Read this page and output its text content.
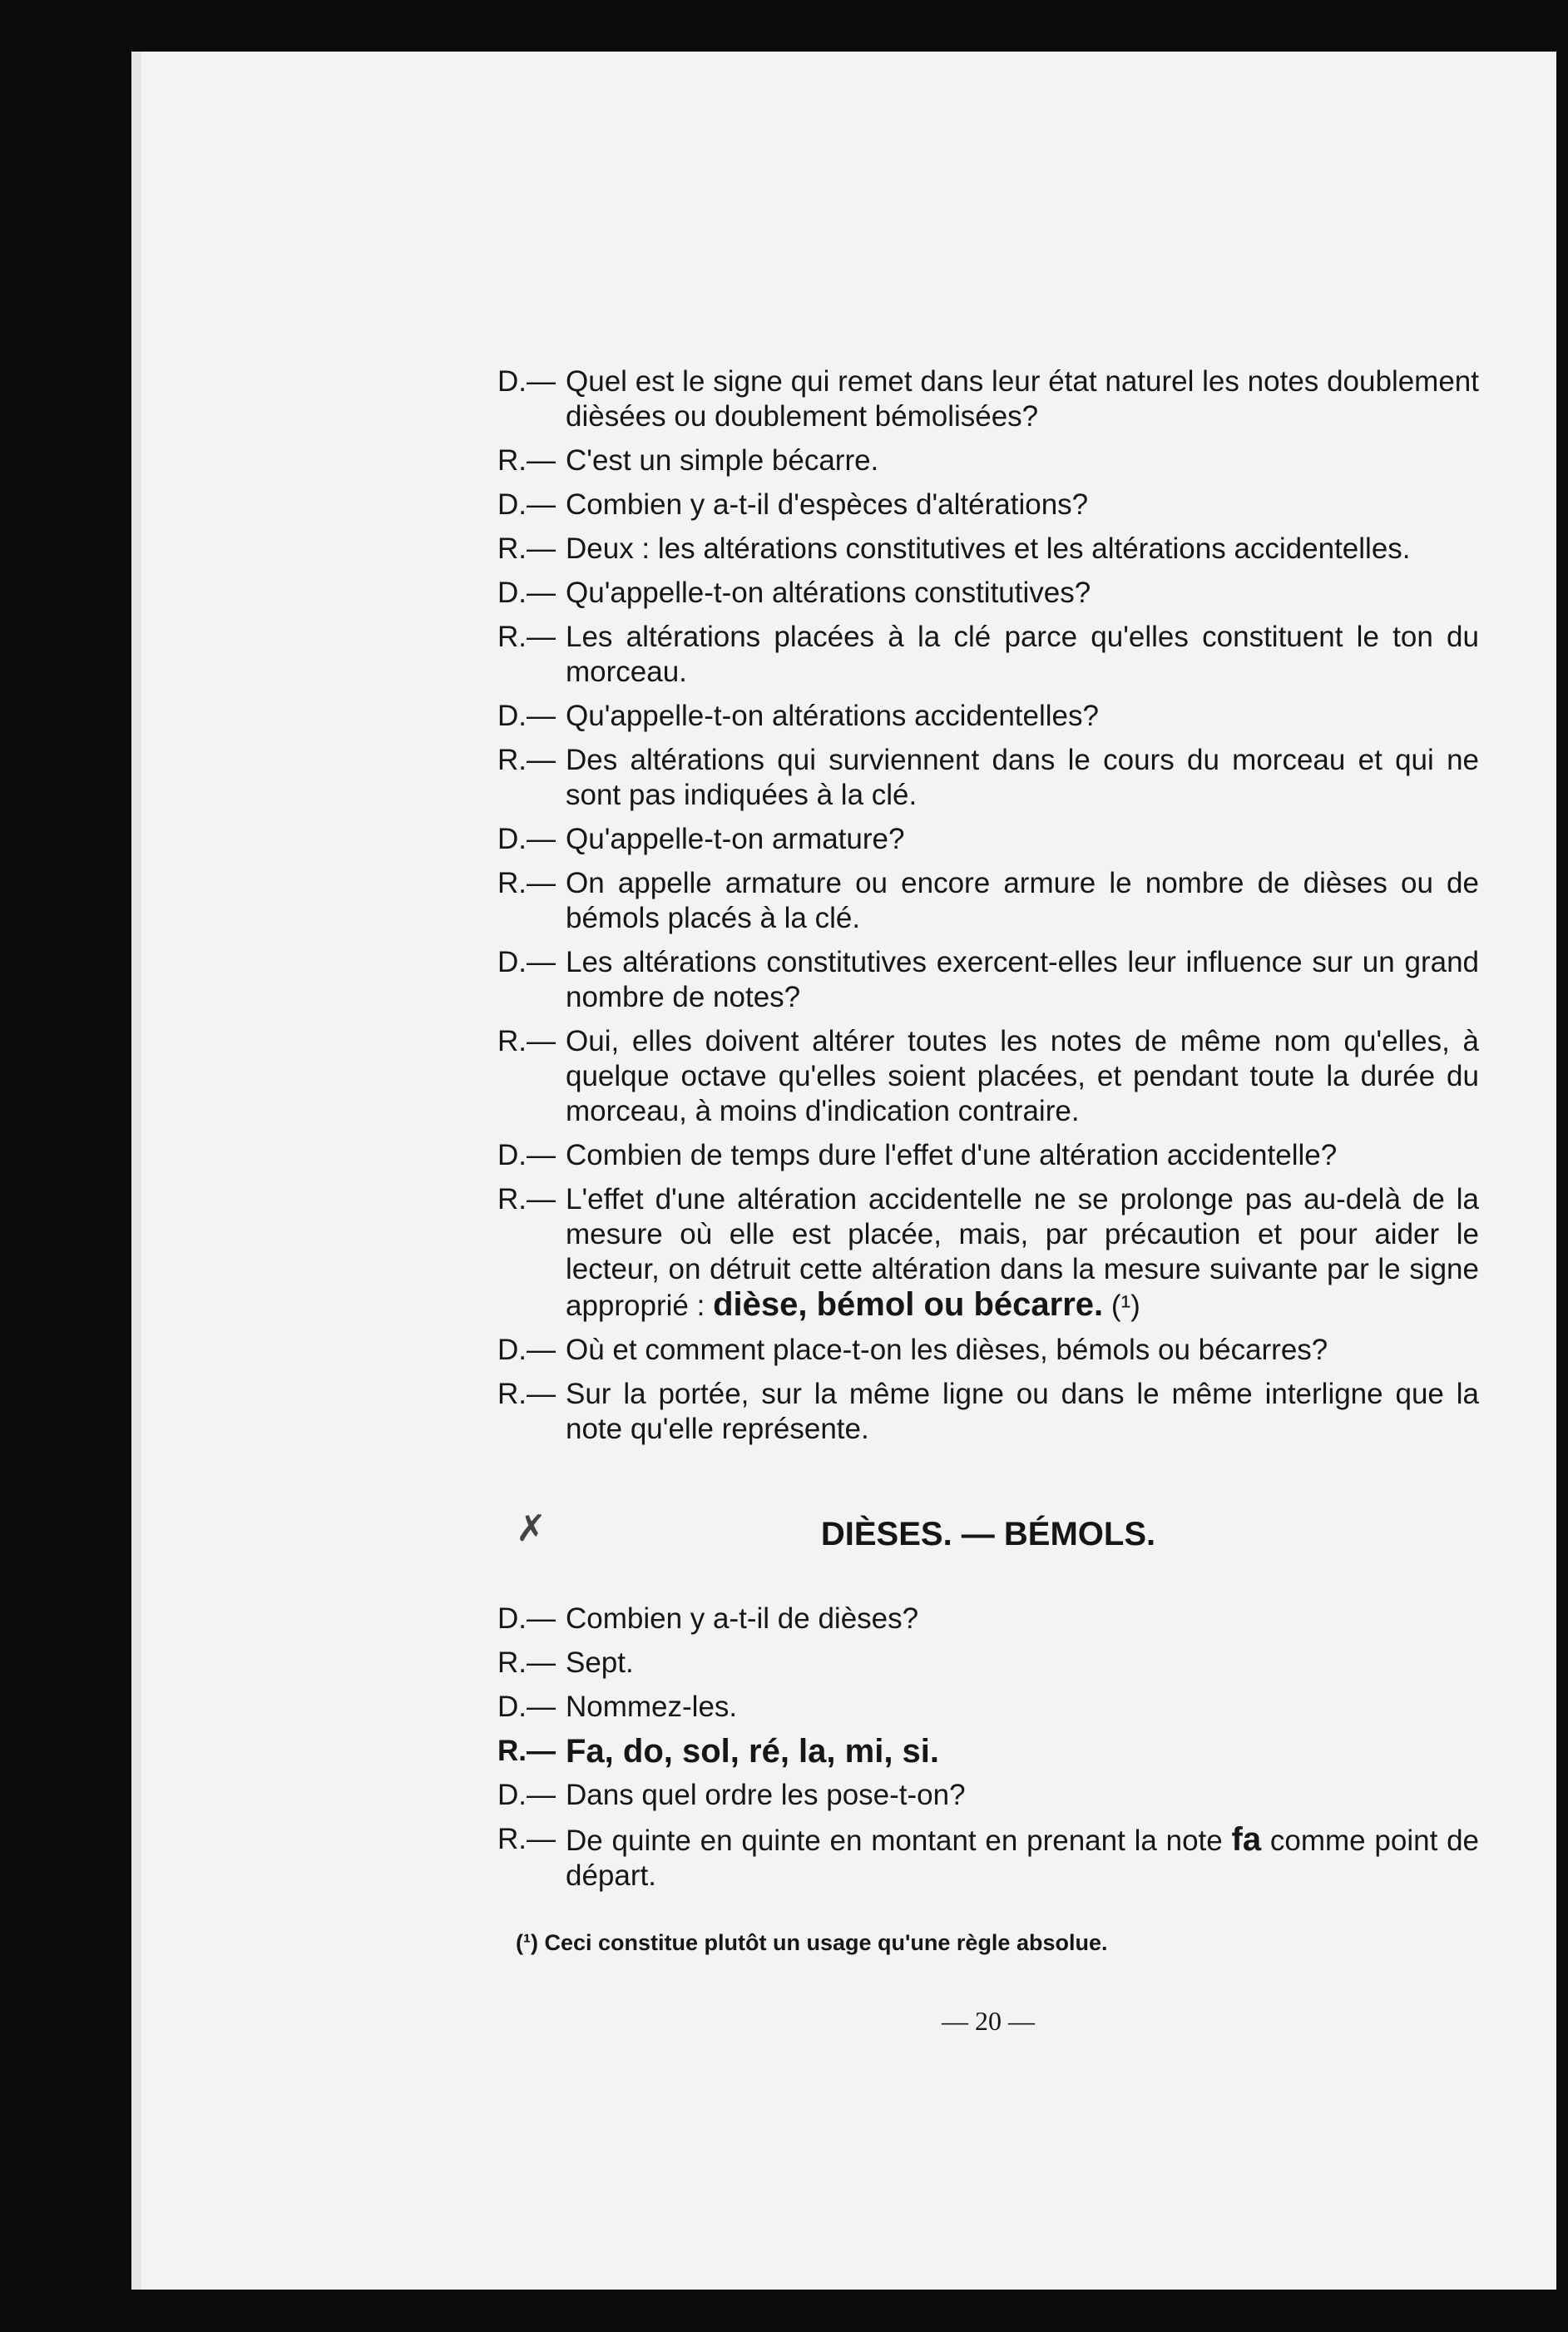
D.— Quel est le signe qui remet dans leur état naturel les notes doublement dièsées ou doublement bémolisées?
R.— C'est un simple bécarre.
D.— Combien y a-t-il d'espèces d'altérations?
R.— Deux : les altérations constitutives et les altérations accidentelles.
D.— Qu'appelle-t-on altérations constitutives?
R.— Les altérations placées à la clé parce qu'elles constituent le ton du morceau.
D.— Qu'appelle-t-on altérations accidentelles?
R.— Des altérations qui surviennent dans le cours du morceau et qui ne sont pas indiquées à la clé.
D.— Qu'appelle-t-on armature?
R.— On appelle armature ou encore armure le nombre de dièses ou de bémols placés à la clé.
D.— Les altérations constitutives exercent-elles leur influence sur un grand nombre de notes?
R.— Oui, elles doivent altérer toutes les notes de même nom qu'elles, à quelque octave qu'elles soient placées, et pendant toute la durée du morceau, à moins d'indication contraire.
D.— Combien de temps dure l'effet d'une altération accidentelle?
R.— L'effet d'une altération accidentelle ne se prolonge pas au-delà de la mesure où elle est placée, mais, par précaution et pour aider le lecteur, on détruit cette altération dans la mesure suivante par le signe approprié : dièse, bémol ou bécarre. (¹)
D.— Où et comment place-t-on les dièses, bémols ou bécarres?
R.— Sur la portée, sur la même ligne ou dans le même interligne que la note qu'elle représente.
✗	DIÈSES. — BÉMOLS.
D.— Combien y a-t-il de dièses?
R.— Sept.
D.— Nommez-les.
R.— Fa, do, sol, ré, la, mi, si.
D.— Dans quel ordre les pose-t-on?
R.— De quinte en quinte en montant en prenant la note fa comme point de départ.
(¹) Ceci constitue plutôt un usage qu'une règle absolue.
— 20 —
